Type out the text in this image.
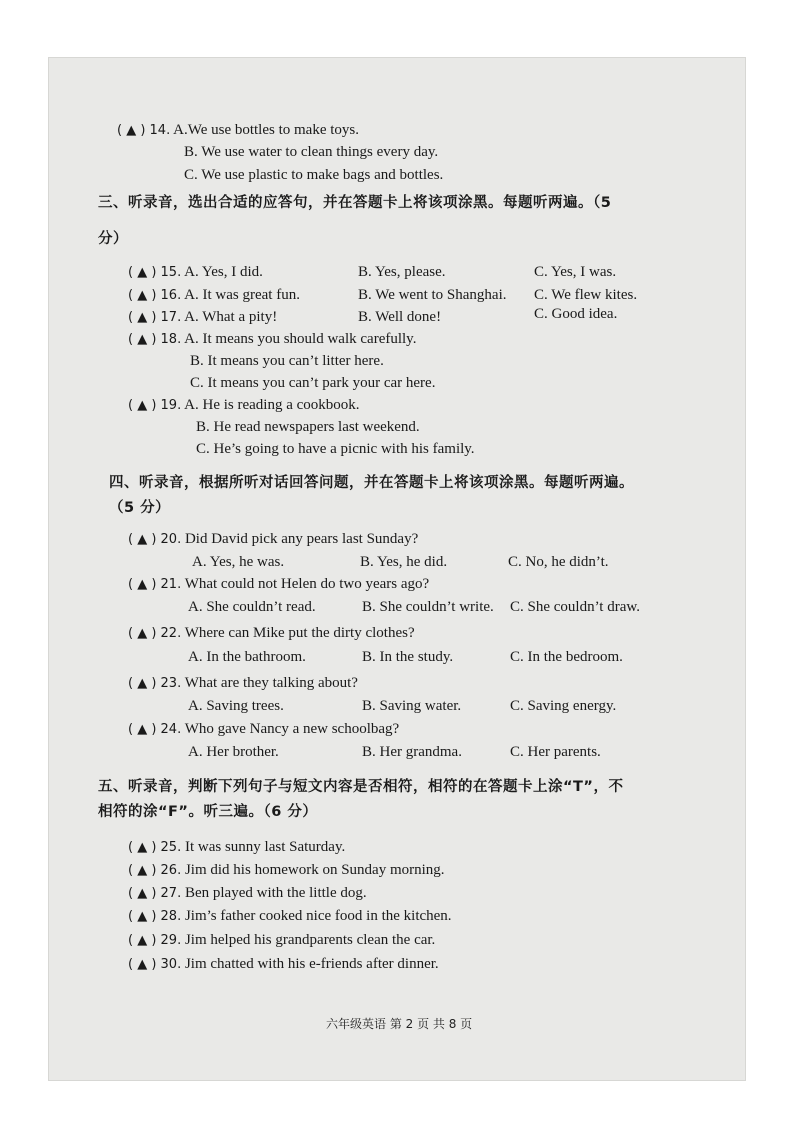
( ▲ ) 14. A.We use bottles to make toys.
B. We use water to clean things every day.
C. We use plastic to make bags and bottles.
三、听录音，选出合适的应答句，并在答题卡上将该项涂黑。每题听两遍。（5
分）
( ▲ ) 15. A. Yes, I did.	B. Yes, please.	C. Yes, I was.
( ▲ ) 16. A. It was great fun.	B. We went to Shanghai. C. We flew kites.
( ▲ ) 17. A. What a pity!	B. Well done!	C. Good idea.
( ▲ ) 18. A. It means you should walk carefully.
B. It means you can’t litter here.
C. It means you can’t park your car here.
( ▲ ) 19. A. He is reading a cookbook.
B. He read newspapers last weekend.
C. He’s going to have a picnic with his family.
四、听录音，根据所听对话回答问题，并在答题卡上将该项涂黑。每题听两遍。
（5 分）
( ▲ ) 20. Did David pick any pears last Sunday?
A. Yes, he was.	B. Yes, he did.	C. No, he didn’t.
( ▲ ) 21. What could not Helen do two years ago?
A. She couldn’t read.	B. She couldn’t write. C. She couldn’t draw.
( ▲ ) 22. Where can Mike put the dirty clothes?
A. In the bathroom.	B. In the study.	C. In the bedroom.
( ▲ ) 23. What are they talking about?
A. Saving trees.	B. Saving water.	C. Saving energy.
( ▲ ) 24. Who gave Nancy a new schoolbag?
A. Her brother.	B. Her grandma.	C. Her parents.
五、听录音，判断下列句子与短文内容是否相符，相符的在答题卡上涂“T”，不
相符的涂“F”。听三遍。（6 分）
( ▲ ) 25. It was sunny last Saturday.
( ▲ ) 26. Jim did his homework on Sunday morning.
( ▲ ) 27. Ben played with the little dog.
( ▲ ) 28. Jim’s father cooked nice food in the kitchen.
( ▲ ) 29. Jim helped his grandparents clean the car.
( ▲ ) 30. Jim chatted with his e-friends after dinner.
六年级英语 第 2 页 共 8 页
